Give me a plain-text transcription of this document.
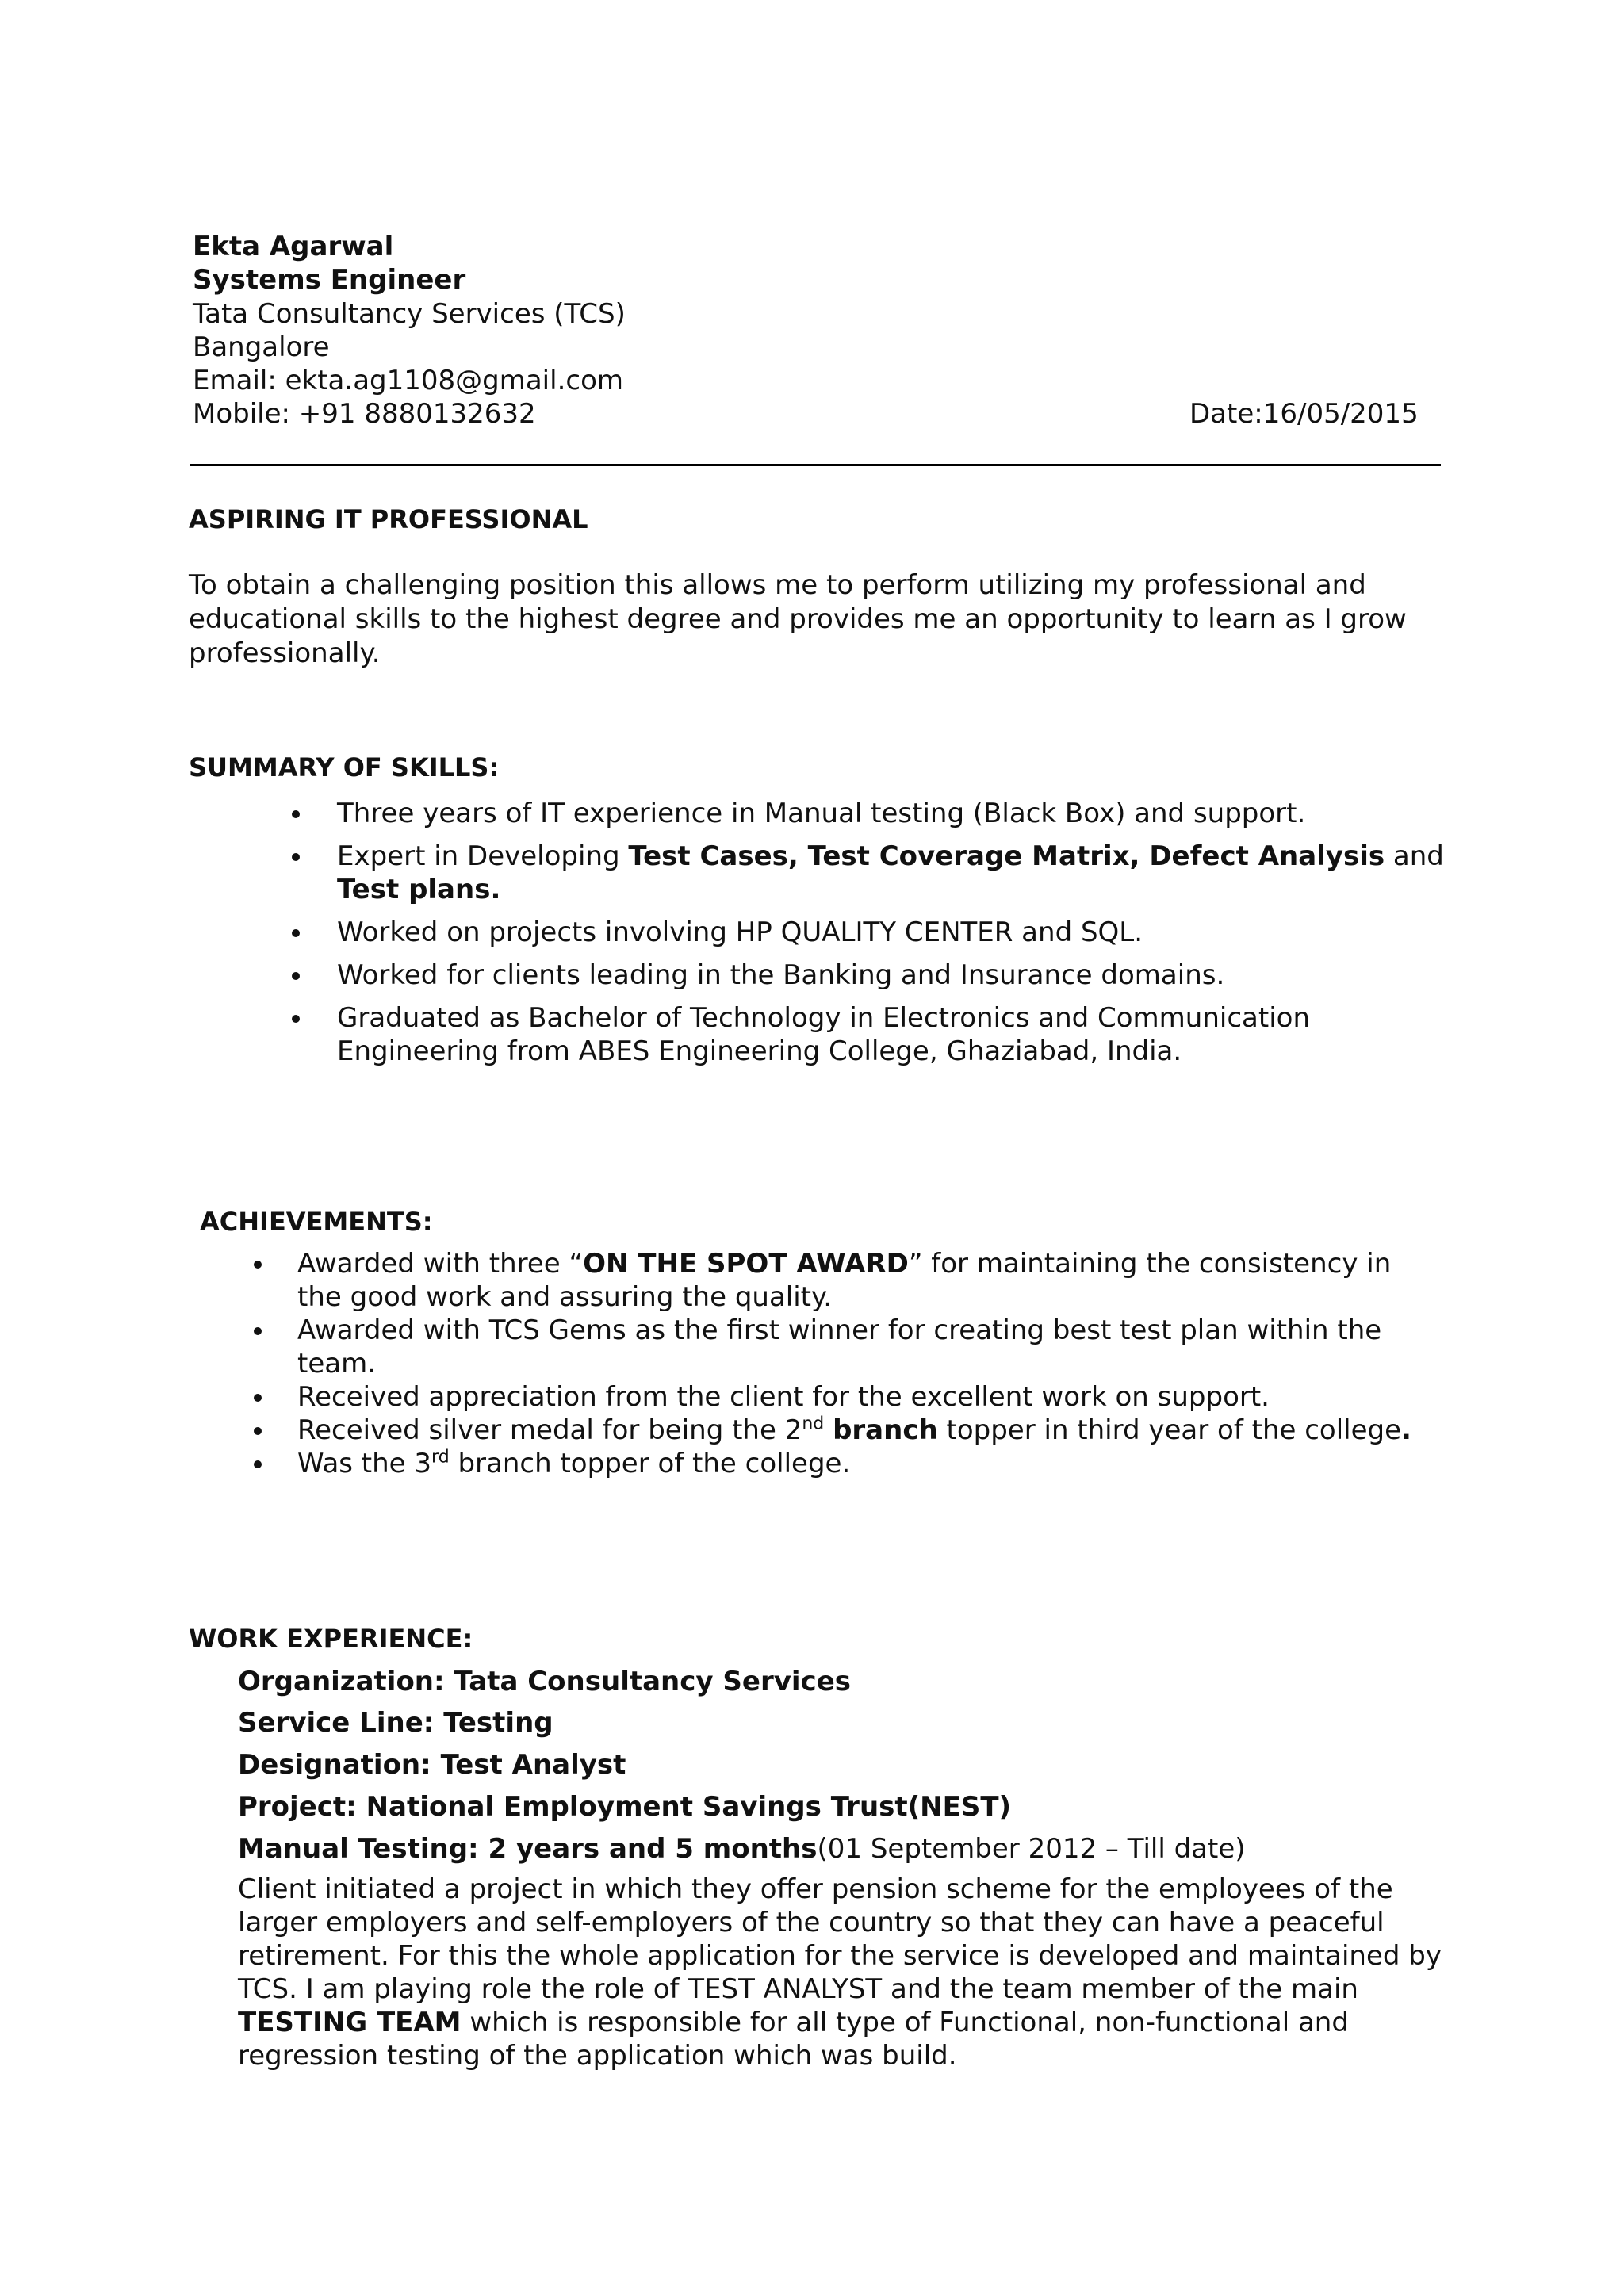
Ekta Agarwal
Systems Engineer
Tata Consultancy Services (TCS)
Bangalore
Email: ekta.ag1108@gmail.com
Mobile: +91 8880132632	Date:16/05/2015
ASPIRING IT PROFESSIONAL
To obtain a challenging position this allows me to perform utilizing my professional and educational skills to the highest degree and provides me an opportunity to learn as I grow professionally.
SUMMARY OF SKILLS:
Three years of IT experience in Manual testing (Black Box) and support.
Expert in Developing Test Cases, Test Coverage Matrix, Defect Analysis and Test plans.
Worked on projects involving HP QUALITY CENTER and SQL.
Worked for clients leading in the Banking and Insurance domains.
Graduated as Bachelor of Technology in Electronics and Communication Engineering from ABES Engineering College, Ghaziabad, India.
ACHIEVEMENTS:
Awarded with three “ON THE SPOT AWARD” for maintaining the consistency in the good work and assuring the quality.
Awarded with TCS Gems as the first winner for creating best test plan within the team.
Received appreciation from the client for the excellent work on support.
Received silver medal for being the 2nd branch topper in third year of the college.
Was the 3rd branch topper of the college.
WORK EXPERIENCE:
Organization: Tata Consultancy Services
Service Line: Testing
Designation: Test Analyst
Project: National Employment Savings Trust(NEST)
Manual Testing: 2 years and 5 months(01 September 2012 – Till date)
Client initiated a project in which they offer pension scheme for the employees of the larger employers and self-employers of the country so that they can have a peaceful retirement. For this the whole application for the service is developed and maintained by TCS. I am playing role the role of TEST ANALYST and the team member of the main TESTING TEAM which is responsible for all type of Functional, non-functional and regression testing of the application which was build.
